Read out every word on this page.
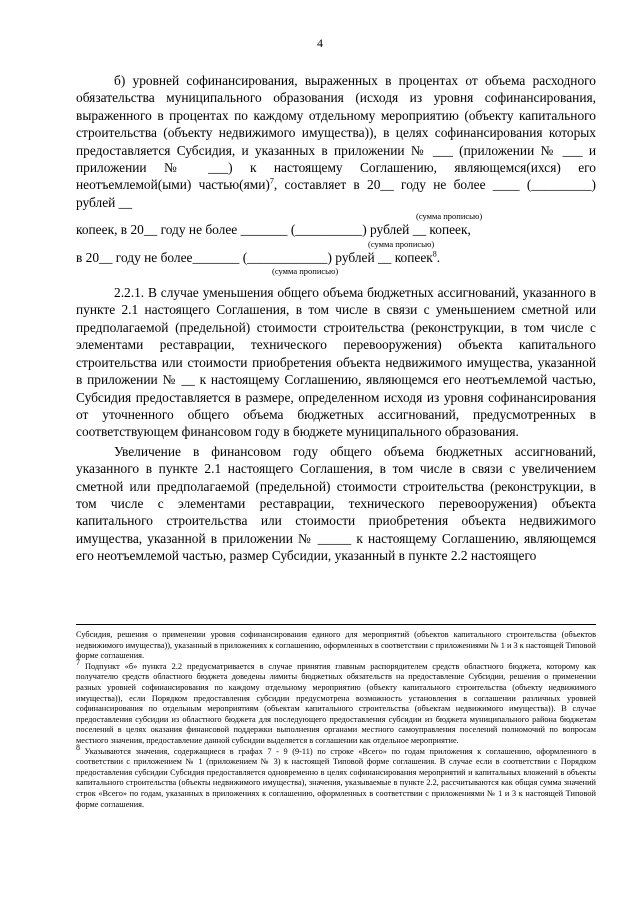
4

б) уровней софинансирования, выраженных в процентах от объема расходного обязательства муниципального образования (исходя из уровня софинансирования, выраженного в процентах по каждому отдельному мероприятию (объекту капитального строительства (объекту недвижимого имущества)), в целях софинансирования которых предоставляется Субсидия, и указанных в приложении № ___ (приложении № ___ и приложении № ___) к настоящему Соглашению, являющемся(ихся) его неотъемлемой(ыми) частью(ями)$^7$, составляет в 20__ году не более ____ (_________) рублей __

(сумма прописью)

копеек, в 20__ году не более _______ (__________) рублей __ копеек,

(сумма прописью)

в 20__ году не более_______ (____________) рублей __ копеек$^8$.

(сумма прописью)

2.2.1. В случае уменьшения общего объема бюджетных ассигнований, указанного в пункте 2.1 настоящего Соглашения, в том числе в связи с уменьшением сметной или предполагаемой (предельной) стоимости строительства (реконструкции, в том числе с элементами реставрации, технического перевооружения) объекта капитального строительства или стоимости приобретения объекта недвижимого имущества, указанной в приложении № __ к настоящему Соглашению, являющемся его неотъемлемой частью, Субсидия предоставляется в размере, определенном исходя из уровня софинансирования от уточненного общего объема бюджетных ассигнований, предусмотренных в соответствующем финансовом году в бюджете муниципального образования.

Увеличение в финансовом году общего объема бюджетных ассигнований, указанного в пункте 2.1 настоящего Соглашения, в том числе в связи с увеличением сметной или предполагаемой (предельной) стоимости строительства (реконструкции, в том числе с элементами реставрации, технического перевооружения) объекта капитального строительства или стоимости приобретения объекта недвижимого имущества, указанной в приложении № _____ к настоящему Соглашению, являющемся его неотъемлемой частью, размер Субсидии, указанный в пункте 2.2 настоящего

Субсидия, решения о применении уровня софинансирования единого для мероприятий (объектов капитального строительства (объектов недвижимого имущества)), указанный в приложениях к соглашению, оформленных в соответствии с приложениями № 1 и 3 к настоящей Типовой форме соглашения.

$^7$ Подпункт «б» пункта 2.2 предусматривается в случае принятия главным распорядителем средств областного бюджета, которому как получателю средств областного бюджета доведены лимиты бюджетных обязательств на предоставление Субсидии, решения о применении разных уровней софинансирования по каждому отдельному мероприятию (объекту капитального строительства (объекту недвижимого имущества)), если Порядком предоставления субсидии предусмотрена возможность установления в соглашении различных уровней софинансирования по отдельным мероприятиям (объектам капитального строительства (объектам недвижимого имущества)). В случае предоставления субсидии из областного бюджета для последующего предоставления субсидии из бюджета муниципального района бюджетам поселений в целях оказания финансовой поддержки выполнения органами местного самоуправления поселений полномочий по вопросам местного значения, предоставление данной субсидии выделяется в соглашении как отдельное мероприятие.

$^8$ Указываются значения, содержащиеся в графах 7 - 9 (9-11) по строке «Всего» по годам приложения к соглашению, оформленного в соответствии с приложением № 1 (приложением № 3) к настоящей Типовой форме соглашения. В случае если в соответствии с Порядком предоставления субсидии Субсидия предоставляется одновременно в целях софинансирования мероприятий и капитальных вложений в объекты капитального строительства (объекты недвижимого имущества), значения, указываемые в пункте 2.2, рассчитываются как общая сумма значений строк «Всего» по годам, указанных в приложениях к соглашению, оформленных в соответствии с приложениями № 1 и 3 к настоящей Типовой форме соглашения.
